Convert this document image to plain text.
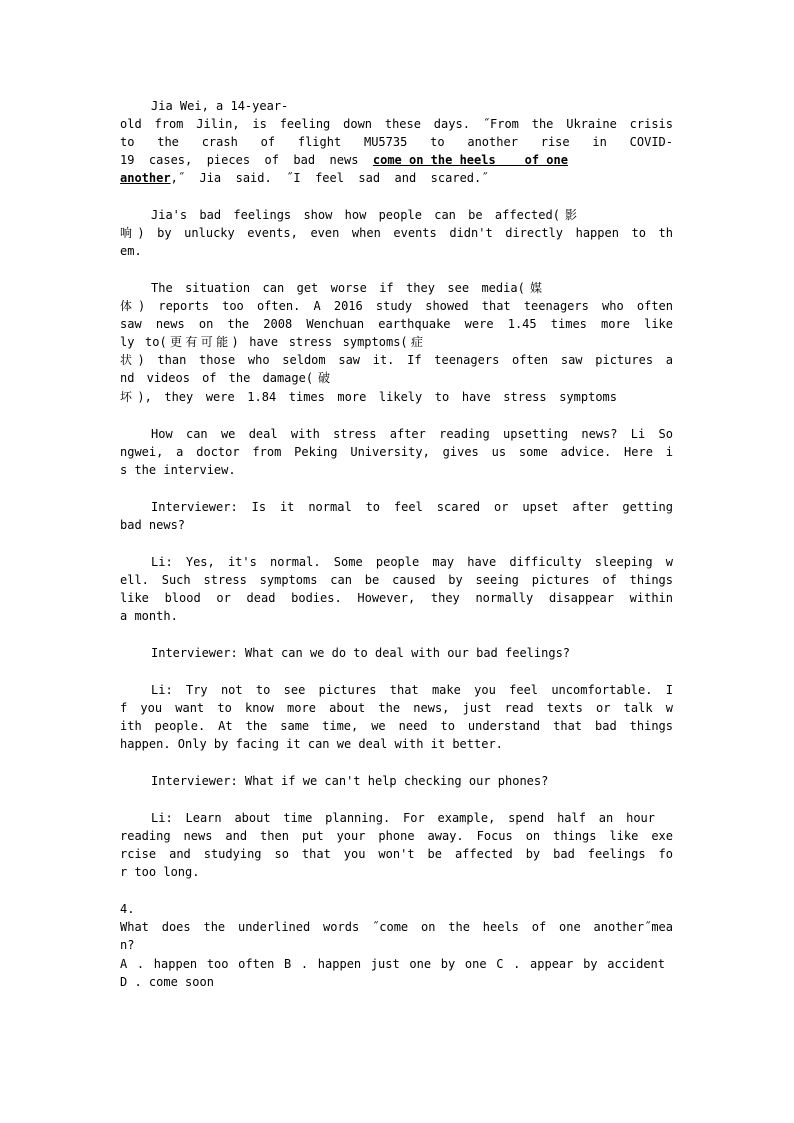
Jia Wei, a 14-year-
old from Jilin, is feeling down these days. ˝From the Ukraine crisis
to the crash of flight MU5735 to another rise in COVID-
19  cases,  pieces  of  bad  news  come on the heels    of one
another,˝  Jia  said.  ˝I  feel  sad  and  scared.˝
Jia's bad feelings show how people can be affected(影
响) by unlucky events, even when events didn't directly happen to th
em.
The situation can get worse if they see media(媒
体) reports too often. A 2016 study showed that teenagers who often
saw news on the 2008 Wenchuan earthquake were 1.45 times more like
ly to(更有可能) have stress symptoms(症
状) than those who seldom saw it. If teenagers often saw pictures a
nd videos of the damage(破
坏), they were 1.84 times more likely to have stress symptoms
How can we deal with stress after reading upsetting news? Li So
ngwei, a doctor from Peking University, gives us some advice. Here i
s the interview.
Interviewer: Is it normal to feel scared or upset after getting
bad news?
Li: Yes, it's normal. Some people may have difficulty sleeping w
ell. Such stress symptoms can be caused by seeing pictures of things
like blood or dead bodies. However, they normally disappear within
a month.
Interviewer: What can we do to deal with our bad feelings?
Li: Try not to see pictures that make you feel uncomfortable. I
f you want to know more about the news, just read texts or talk w
ith people. At the same time, we need to understand that bad things
happen. Only by facing it can we deal with it better.
Interviewer: What if we can't help checking our phones?
Li: Learn about time planning. For example, spend half an hour
reading news and then put your phone away. Focus on things like exe
rcise and studying so that you won't be affected by bad feelings fo
r too long.
4.
What does the underlined words ˝come on the heels of one another˝mea
n?
A . happen too often B . happen just one by one C . appear by accident
D . come soon
